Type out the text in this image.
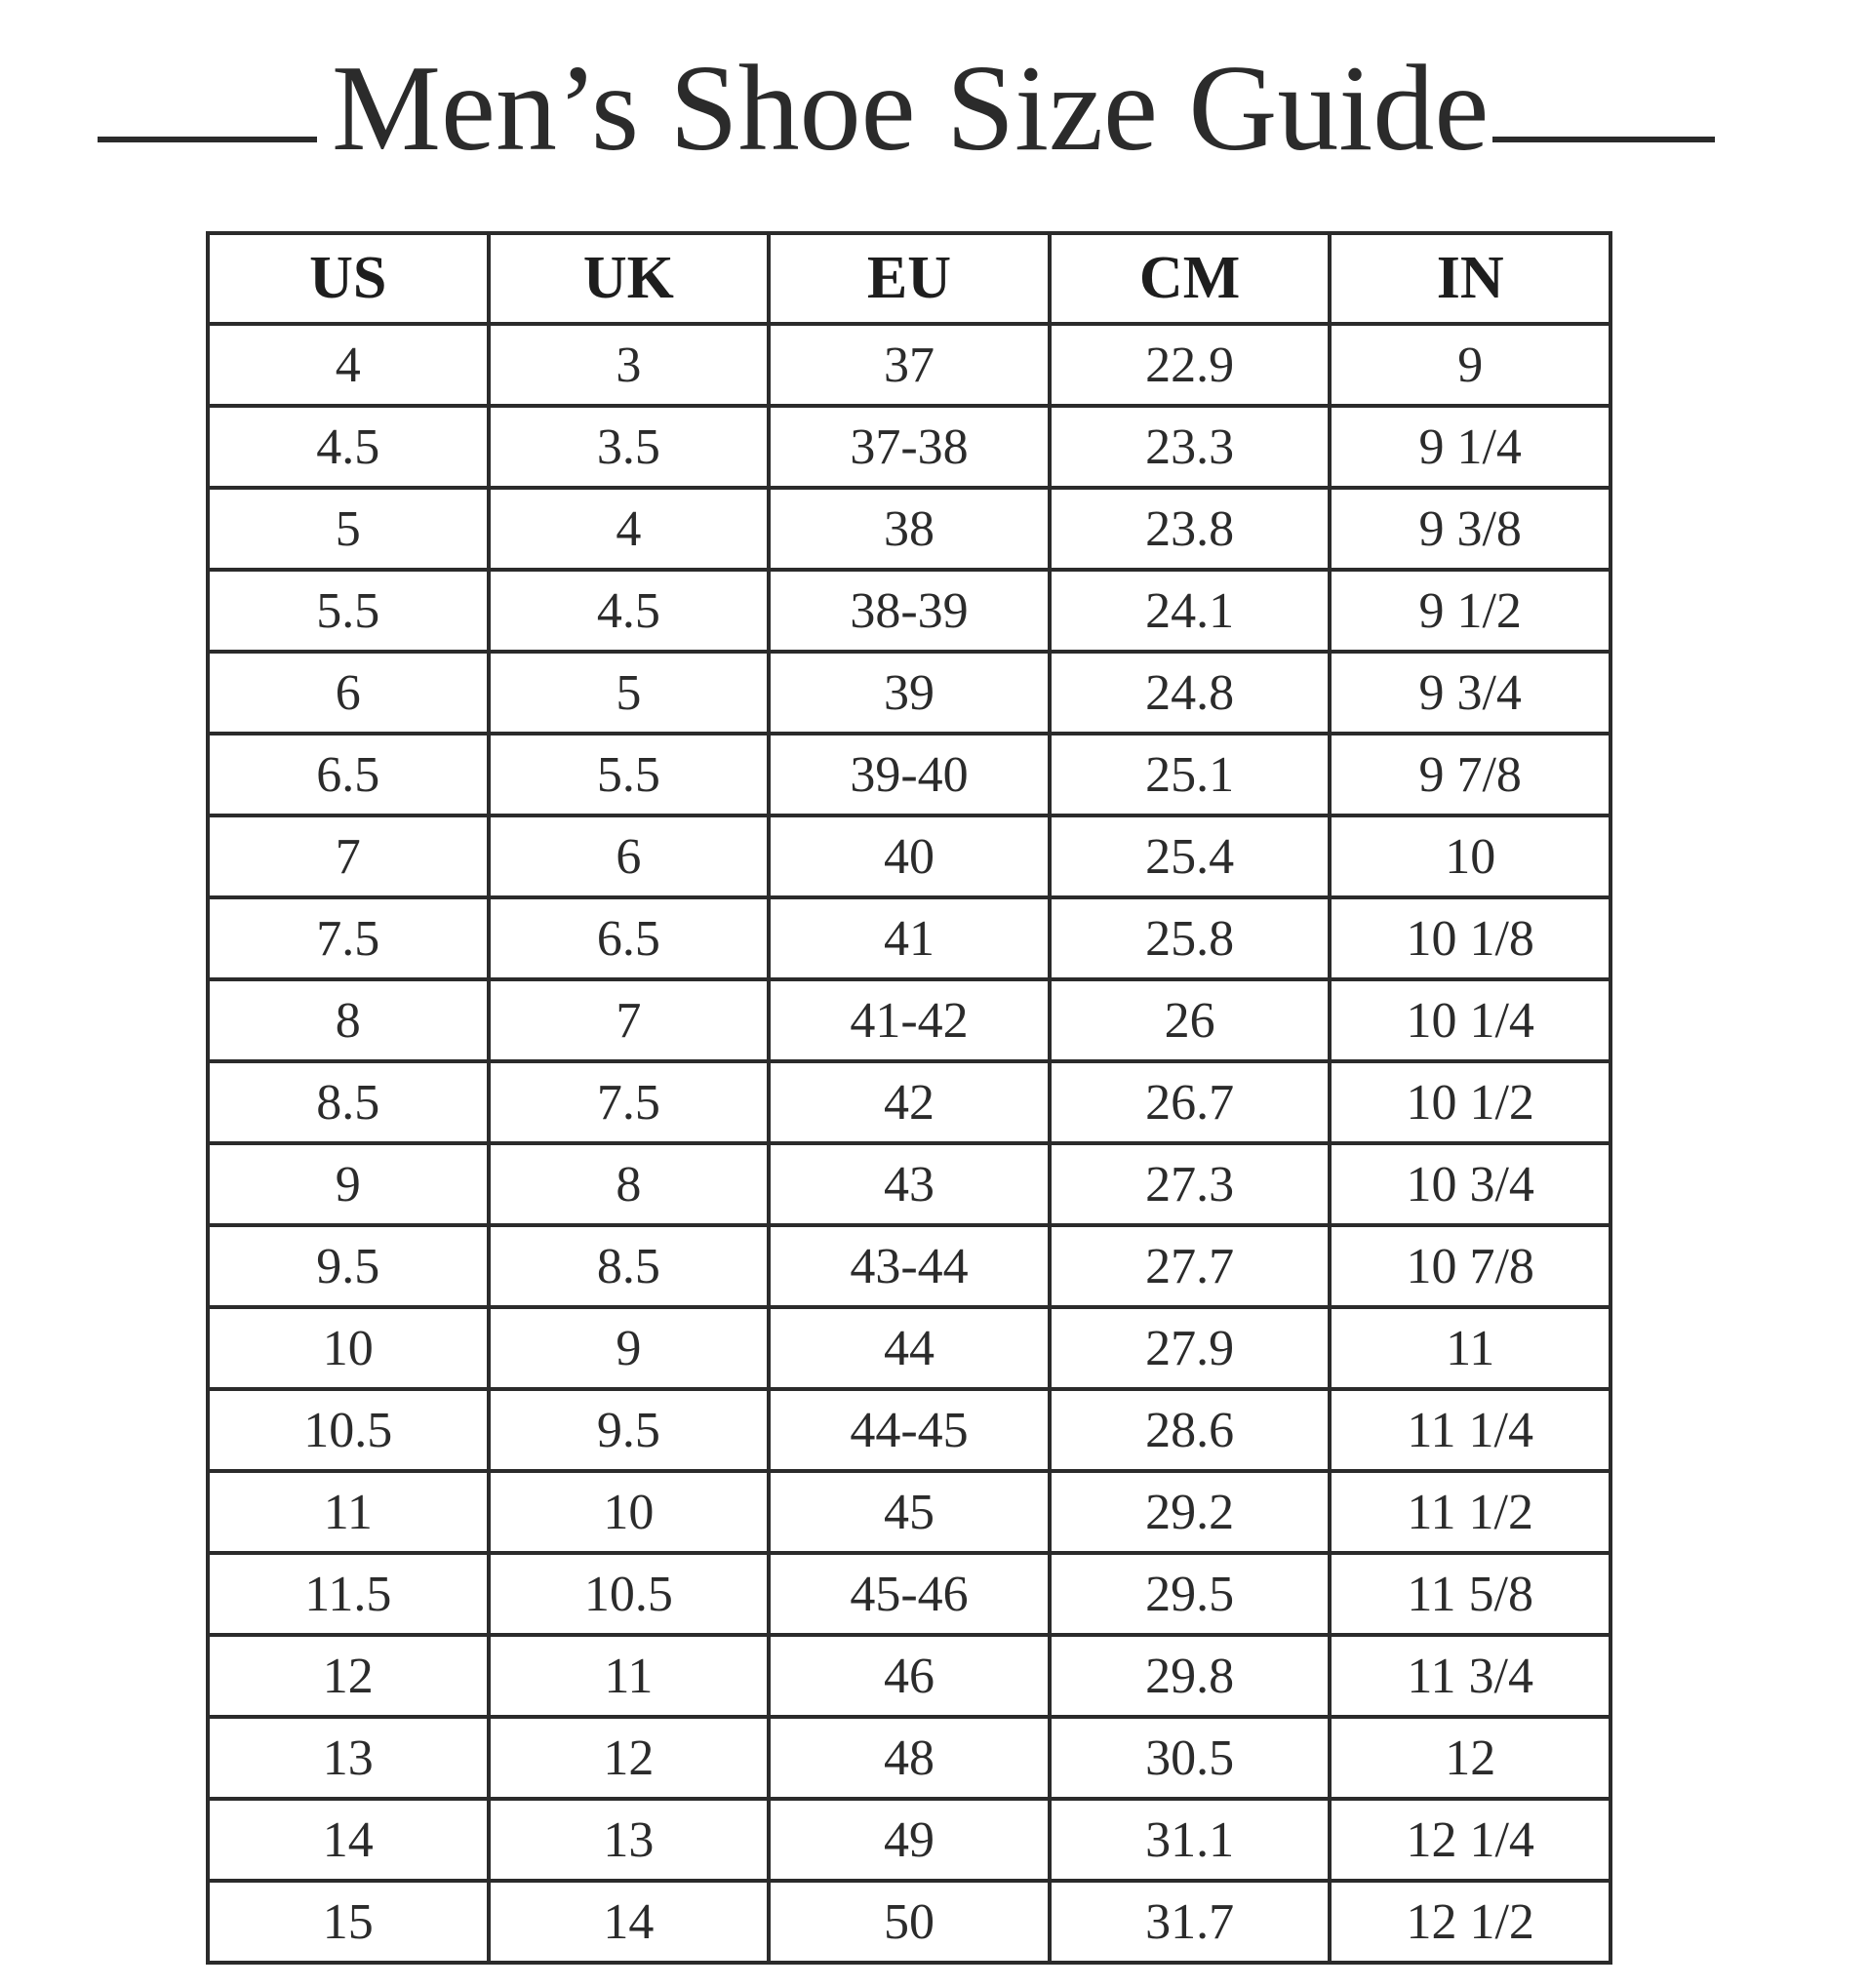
Men’s Shoe Size Guide
US	UK	EU	CM	IN
4	3	37	22.9	9
4.5	3.5	37-38	23.3	9 1/4
5	4	38	23.8	9 3/8
5.5	4.5	38-39	24.1	9 1/2
6	5	39	24.8	9 3/4
6.5	5.5	39-40	25.1	9 7/8
7	6	40	25.4	10
7.5	6.5	41	25.8	10 1/8
8	7	41-42	26	10 1/4
8.5	7.5	42	26.7	10 1/2
9	8	43	27.3	10 3/4
9.5	8.5	43-44	27.7	10 7/8
10	9	44	27.9	11
10.5	9.5	44-45	28.6	11 1/4
11	10	45	29.2	11 1/2
11.5	10.5	45-46	29.5	11 5/8
12	11	46	29.8	11 3/4
13	12	48	30.5	12
14	13	49	31.1	12 1/4
15	14	50	31.7	12 1/2
